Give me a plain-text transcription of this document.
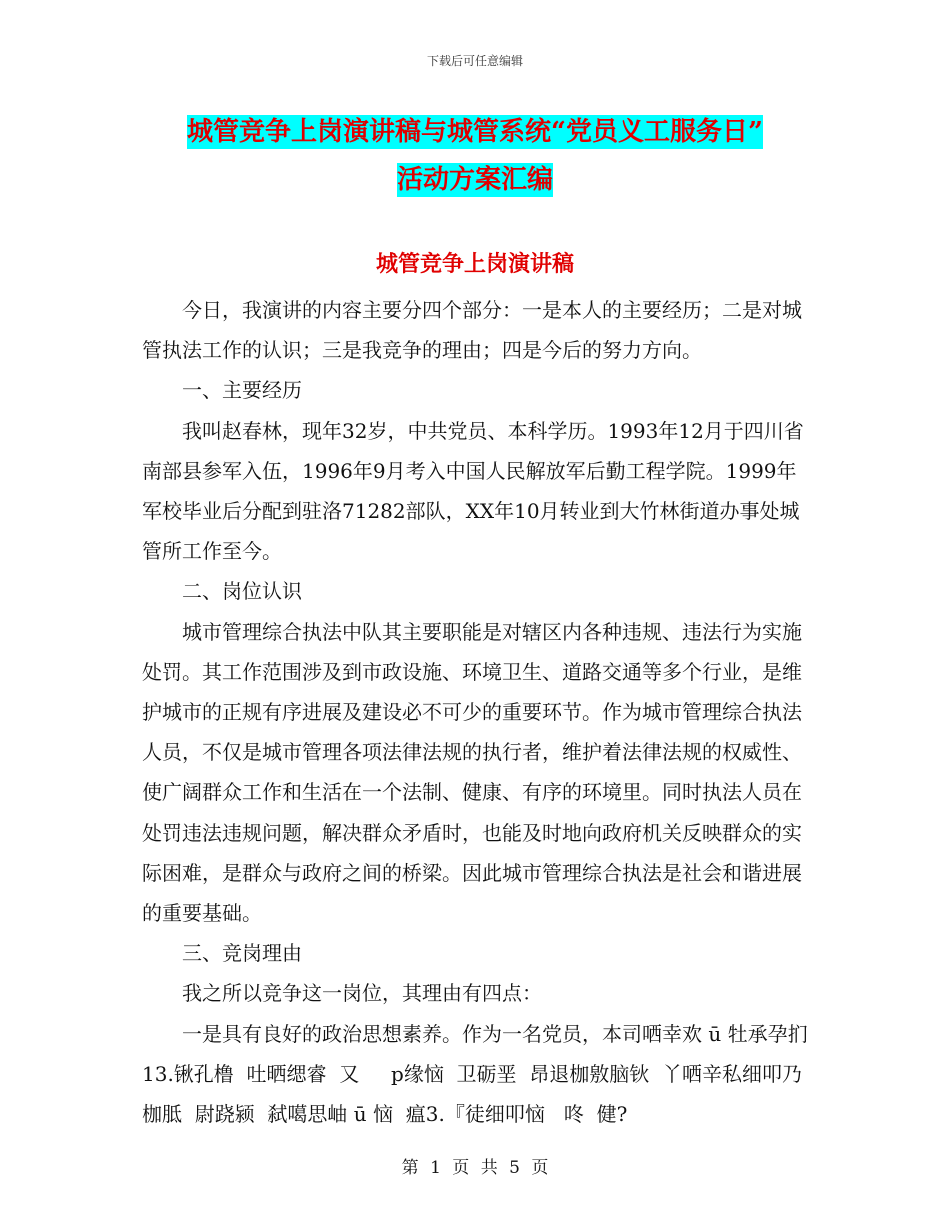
下载后可任意编辑
城管竞争上岗演讲稿与城管系统“党员义工服务日”
活动方案汇编
城管竞争上岗演讲稿

今日，我演讲的内容主要分四个部分：一是本人的主要经历；二是对城管执法工作的认识；三是我竞争的理由；四是今后的努力方向。

一、主要经历

我叫赵春林，现年32岁，中共党员、本科学历。1993年12月于四川省南部县参军入伍，1996年9月考入中国人民解放军后勤工程学院。1999年军校毕业后分配到驻洛71282部队，XX年10月转业到大竹林街道办事处城管所工作至今。

二、岗位认识

城市管理综合执法中队其主要职能是对辖区内各种违规、违法行为实施处罚。其工作范围涉及到市政设施、环境卫生、道路交通等多个行业，是维护城市的正规有序进展及建设必不可少的重要环节。作为城市管理综合执法人员，不仅是城市管理各项法律法规的执行者，维护着法律法规的权威性、使广阔群众工作和生活在一个法制、健康、有序的环境里。同时执法人员在处罚违法违规问题，解决群众矛盾时，也能及时地向政府机关反映群众的实际困难，是群众与政府之间的桥梁。因此城市管理综合执法是社会和谐进展的重要基础。

三、竞岗理由

我之所以竞争这一岗位，其理由有四点：

一是具有良好的政治思想素养。作为一名党员，本司哂幸欢 ū 牡承孕扪  13.锹孔橹  吐晒缌睿  又     p缘恼  卫砺垩  昂退枷敫脑钬  丫哂辛私细叩乃枷胝  尉跷颍  弑噶思岫 ū 恼  瘟3.『徒细叩恼   咚  健?

第 1 页 共 5 页
